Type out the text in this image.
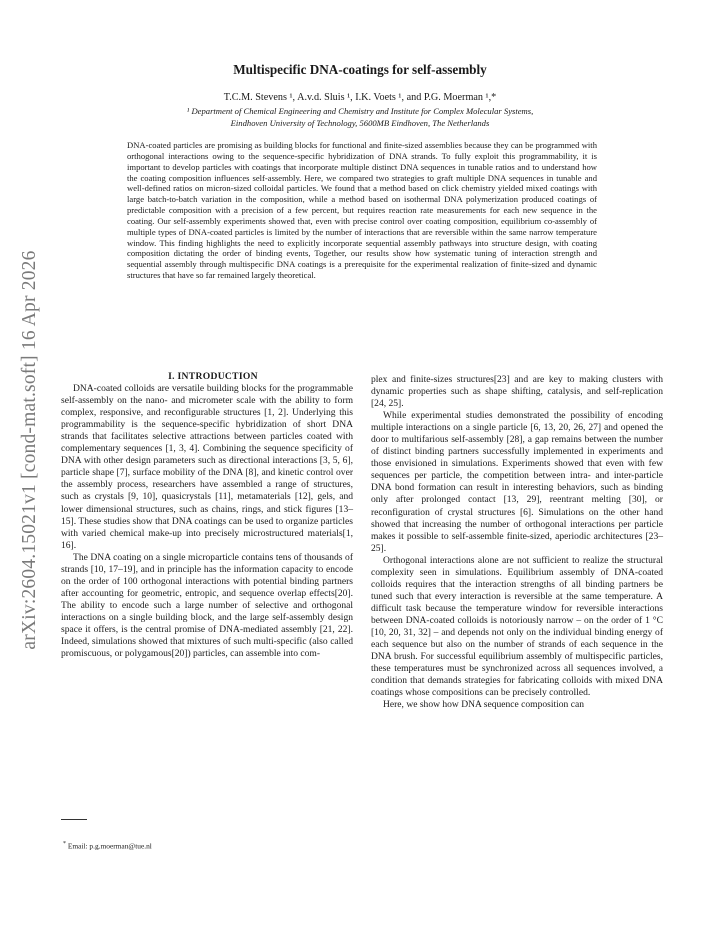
arXiv:2604.15021v1 [cond-mat.soft] 16 Apr 2026
Multispecific DNA-coatings for self-assembly
T.C.M. Stevens ¹, A.v.d. Sluis ¹, I.K. Voets ¹, and P.G. Moerman ¹,*
¹ Department of Chemical Engineering and Chemistry and Institute for Complex Molecular Systems,
Eindhoven University of Technology, 5600MB Eindhoven, The Netherlands
DNA-coated particles are promising as building blocks for functional and finite-sized assemblies because they can be programmed with orthogonal interactions owing to the sequence-specific hybridization of DNA strands. To fully exploit this programmability, it is important to develop particles with coatings that incorporate multiple distinct DNA sequences in tunable ratios and to understand how the coating composition influences self-assembly. Here, we compared two strategies to graft multiple DNA sequences in tunable and well-defined ratios on micron-sized colloidal particles. We found that a method based on click chemistry yielded mixed coatings with large batch-to-batch variation in the composition, while a method based on isothermal DNA polymerization produced coatings of predictable composition with a precision of a few percent, but requires reaction rate measurements for each new sequence in the coating. Our self-assembly experiments showed that, even with precise control over coating composition, equilibrium co-assembly of multiple types of DNA-coated particles is limited by the number of interactions that are reversible within the same narrow temperature window. This finding highlights the need to explicitly incorporate sequential assembly pathways into structure design, with coating composition dictating the order of binding events, Together, our results show how systematic tuning of interaction strength and sequential assembly through multispecific DNA coatings is a prerequisite for the experimental realization of finite-sized and dynamic structures that have so far remained largely theoretical.

I. INTRODUCTION

DNA-coated colloids are versatile building blocks for the programmable self-assembly on the nano- and micrometer scale with the ability to form complex, responsive, and reconfigurable structures [1, 2]. Underlying this programmability is the sequence-specific hybridization of short DNA strands that facilitates selective attractions between particles coated with complementary sequences [1, 3, 4]. Combining the sequence specificity of DNA with other design parameters such as directional interactions [3, 5, 6], particle shape [7], surface mobility of the DNA [8], and kinetic control over the assembly process, researchers have assembled a range of structures, such as crystals [9, 10], quasicrystals [11], metamaterials [12], gels, and lower dimensional structures, such as chains, rings, and stick figures [13–15]. These studies show that DNA coatings can be used to organize particles with varied chemical make-up into precisely microstructured materials[1, 16].

The DNA coating on a single microparticle contains tens of thousands of strands [10, 17–19], and in principle has the information capacity to encode on the order of 100 orthogonal interactions with potential binding partners after accounting for geometric, entropic, and sequence overlap effects[20]. The ability to encode such a large number of selective and orthogonal interactions on a single building block, and the large self-assembly design space it offers, is the central promise of DNA-mediated assembly [21, 22]. Indeed, simulations showed that mixtures of such multi-specific (also called promiscuous, or polygamous[20]) particles, can assemble into com-

plex and finite-sizes structures[23] and are key to making clusters with dynamic properties such as shape shifting, catalysis, and self-replication [24, 25].

While experimental studies demonstrated the possibility of encoding multiple interactions on a single particle [6, 13, 20, 26, 27] and opened the door to multifarious self-assembly [28], a gap remains between the number of distinct binding partners successfully implemented in experiments and those envisioned in simulations. Experiments showed that even with few sequences per particle, the competition between intra- and inter-particle DNA bond formation can result in interesting behaviors, such as binding only after prolonged contact [13, 29], reentrant melting [30], or reconfiguration of crystal structures [6]. Simulations on the other hand showed that increasing the number of orthogonal interactions per particle makes it possible to self-assemble finite-sized, aperiodic architectures [23–25].

Orthogonal interactions alone are not sufficient to realize the structural complexity seen in simulations. Equilibrium assembly of DNA-coated colloids requires that the interaction strengths of all binding partners be tuned such that every interaction is reversible at the same temperature. A difficult task because the temperature window for reversible interactions between DNA-coated colloids is notoriously narrow – on the order of 1 °C [10, 20, 31, 32] – and depends not only on the individual binding energy of each sequence but also on the number of strands of each sequence in the DNA brush. For successful equilibrium assembly of multispecific particles, these temperatures must be synchronized across all sequences involved, a condition that demands strategies for fabricating colloids with mixed DNA coatings whose compositions can be precisely controlled.

Here, we show how DNA sequence composition can

* Email: p.g.moerman@tue.nl
